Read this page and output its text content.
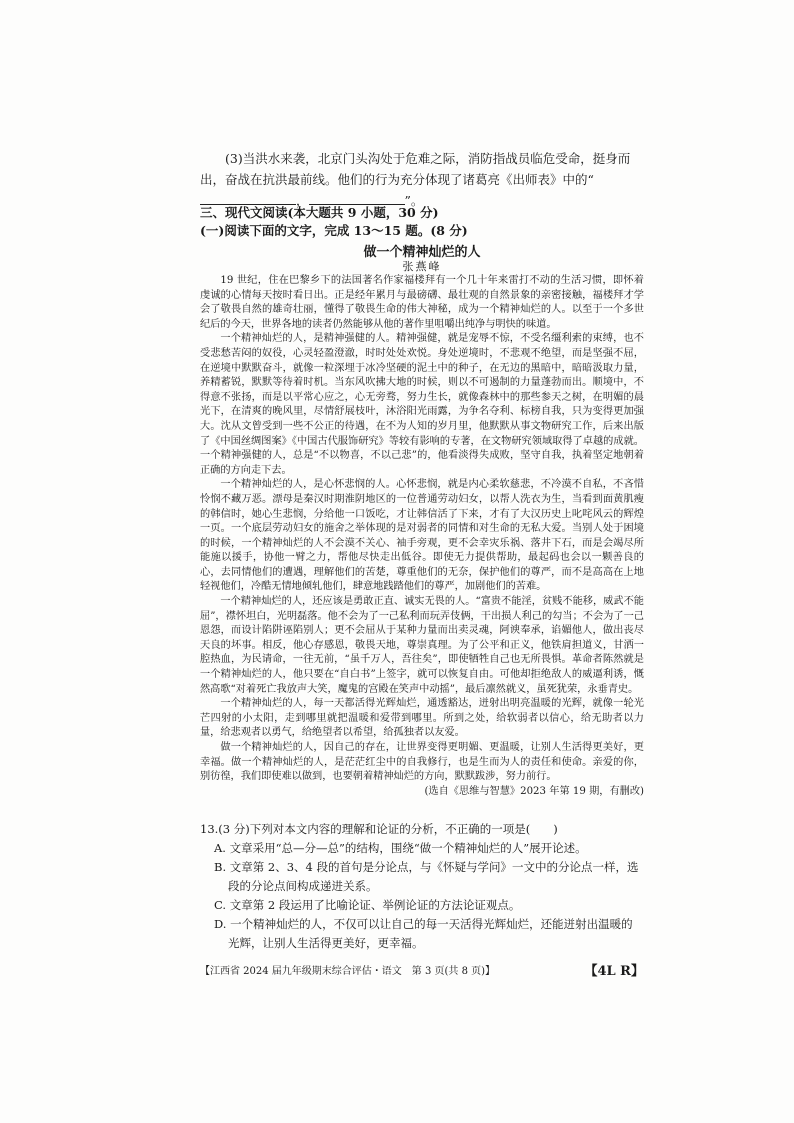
(3)当洪水来袭，北京门头沟处于危难之际，消防指战员临危受命，挺身而出，奋战在抗洪最前线。他们的行为充分体现了诸葛亮《出师表》中的“，	”。
三、现代文阅读(本大题共 9 小题，30 分)
(一)阅读下面的文字，完成 13～15 题。(8 分)
做一个精神灿烂的人
张燕峰

19 世纪，住在巴黎乡下的法国著名作家福楼拜有一个几十年来雷打不动的生活习惯，即怀着虔诚的心情每天按时看日出。正是经年累月与最磅礴、最壮观的自然景象的亲密接触，福楼拜才学会了敬畏自然的雄奇壮丽，懂得了敬畏生命的伟大神秘，成为一个精神灿烂的人。以至于一个多世纪后的今天，世界各地的读者仍然能够从他的著作里咀嚼出纯净与明快的味道。

一个精神灿烂的人，是精神强健的人。精神强健，就是宠辱不惊，不受名缰利索的束缚，也不受悲愁苦闷的奴役，心灵轻盈澄澈，时时处处欢悦。身处逆境时，不悲观不绝望，而是坚强不屈，在逆境中默默奋斗，就像一粒深埋于冰冷坚硬的泥土中的种子，在无边的黑暗中，暗暗汲取力量，养精蓄锐，默默等待着时机。当东风吹拂大地的时候，则以不可遏制的力量蓬勃而出。顺境中，不得意不张扬，而是以平常心应之，心无旁骛，努力生长，就像森林中的那些参天之树，在明媚的晨光下，在清爽的晚风里，尽情舒展枝叶，沐浴阳光雨露，为争名夺利、标榜自我，只为变得更加强大。沈从文曾受到一些不公正的待遇，在不为人知的岁月里，他默默从事文物研究工作，后来出版了《中国丝绸图案》《中国古代服饰研究》等较有影响的专著，在文物研究领域取得了卓越的成就。一个精神强健的人，总是“不以物喜，不以己悲”的，他看淡得失成败，坚守自我，执着坚定地朝着正确的方向走下去。

一个精神灿烂的人，是心怀悲悯的人。心怀悲悯，就是内心柔软慈悲，不冷漠不自私，不吝惜怜悯不藏万恶。漂母是秦汉时期淮阴地区的一位普通劳动妇女，以帮人洗衣为生，当看到面黄肌瘦的韩信时，她心生悲悯，分给他一口饭吃，才让韩信活了下来，才有了大汉历史上叱咤风云的辉煌一页。一个底层劳动妇女的施舍之举体现的是对弱者的同情和对生命的无私大爱。当别人处于困境的时候，一个精神灿烂的人不会漠不关心、袖手旁观，更不会幸灾乐祸、落井下石，而是会竭尽所能施以援手，协他一臂之力，帮他尽快走出低谷。即使无力提供帮助，最起码也会以一颗善良的心，去同情他们的遭遇，理解他们的苦楚，尊重他们的无奈，保护他们的尊严，而不是高高在上地轻视他们，冷酷无情地倾轧他们，肆意地践踏他们的尊严，加剧他们的苦难。

一个精神灿烂的人，还应该是勇敢正直、诚实无畏的人。“富贵不能淫，贫贱不能移，威武不能屈”，襟怀坦白，光明磊落。他不会为了一己私利而玩弄伎俩，干出损人利己的勾当；不会为了一己恩怨，而设计陷阱诬陷别人；更不会屈从于某种力量而出卖灵魂，阿谀奉承，谄媚他人，做出丧尽天良的坏事。相反，他心存感恩，敬畏天地，尊崇真理。为了公平和正义，他铁肩担道义，甘洒一腔热血，为民请命，一往无前，“虽千万人，吾往矣”，即使牺牲自己也无所畏惧。革命者陈然就是一个精神灿烂的人，他只要在“自白书”上签字，就可以恢复自由。可他却拒绝敌人的威逼利诱，慨然高歌“对着死亡我放声大笑，魔鬼的宫殿在笑声中动摇”，最后凛然就义，虽死犹荣，永垂青史。

一个精神灿烂的人，每一天都活得光辉灿烂，通透豁达，迸射出明亮温暖的光辉，就像一轮光芒四射的小太阳，走到哪里就把温暖和爱带到哪里。所到之处，给软弱者以信心，给无助者以力量，给悲观者以勇气，给绝望者以希望，给孤独者以友爱。

做一个精神灿烂的人，因自己的存在，让世界变得更明媚、更温暖，让别人生活得更美好，更幸福。做一个精神灿烂的人，是茫茫红尘中的自我修行，也是生而为人的责任和使命。亲爱的你，别彷徨，我们即使难以做到，也要朝着精神灿烂的方向，默默跋涉，努力前行。

(选自《思维与智慧》2023 年第 19 期，有删改)

13.(3 分)下列对本文内容的理解和论证的分析，不正确的一项是(　　)

A. 文章采用“总—分—总”的结构，围绕“做一个精神灿烂的人”展开论述。

B. 文章第 2、3、4 段的首句是分论点，与《怀疑与学问》一文中的分论点一样，选段的分论点间构成递进关系。

C. 文章第 2 段运用了比喻论证、举例论证的方法论证观点。

D. 一个精神灿烂的人，不仅可以让自己的每一天活得光辉灿烂，还能迸射出温暖的光辉，让别人生活得更美好，更幸福。

【江西省 2024 届九年级期末综合评估・语文　第 3 页(共 8 页)】	【4L R】
